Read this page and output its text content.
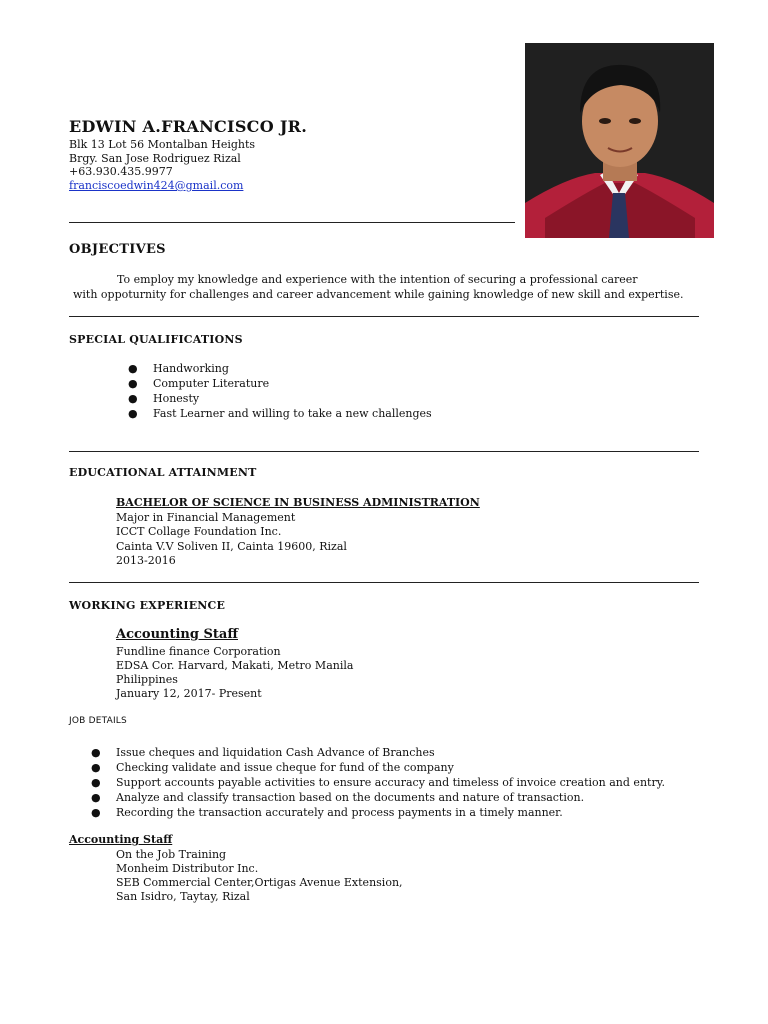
EDWIN A.FRANCISCO JR.
Blk 13 Lot 56 Montalban Heights
Brgy. San Jose Rodriguez Rizal
+63.930.435.9977
franciscoedwin424@gmail.com
OBJECTIVES
To employ my knowledge and experience with the intention of securing a professional career
with oppoturnity for challenges and career advancement while gaining knowledge of new skill and expertise.
SPECIAL QUALIFICATIONS
● Handworking
● Computer Literature
● Honesty
● Fast Learner and willing to take a new challenges
EDUCATIONAL ATTAINMENT
BACHELOR OF SCIENCE IN BUSINESS ADMINISTRATION
Major in Financial Management
ICCT Collage Foundation Inc.
Cainta V.V Soliven II, Cainta 19600, Rizal
2013-2016
WORKING EXPERIENCE
Accounting Staff
Fundline finance Corporation
EDSA Cor. Harvard, Makati, Metro Manila
Philippines
January 12, 2017- Present
JOB DETAILS
● Issue cheques and liquidation Cash Advance of Branches
● Checking validate and issue cheque for fund of the company
● Support accounts payable activities to ensure accuracy and timeless of invoice creation and entry.
● Analyze and classify transaction based on the documents and nature of transaction.
● Recording the transaction accurately and process payments in a timely manner.
Accounting Staff
On the Job Training
Monheim Distributor Inc.
SEB Commercial Center,Ortigas Avenue Extension,
San Isidro, Taytay, Rizal
